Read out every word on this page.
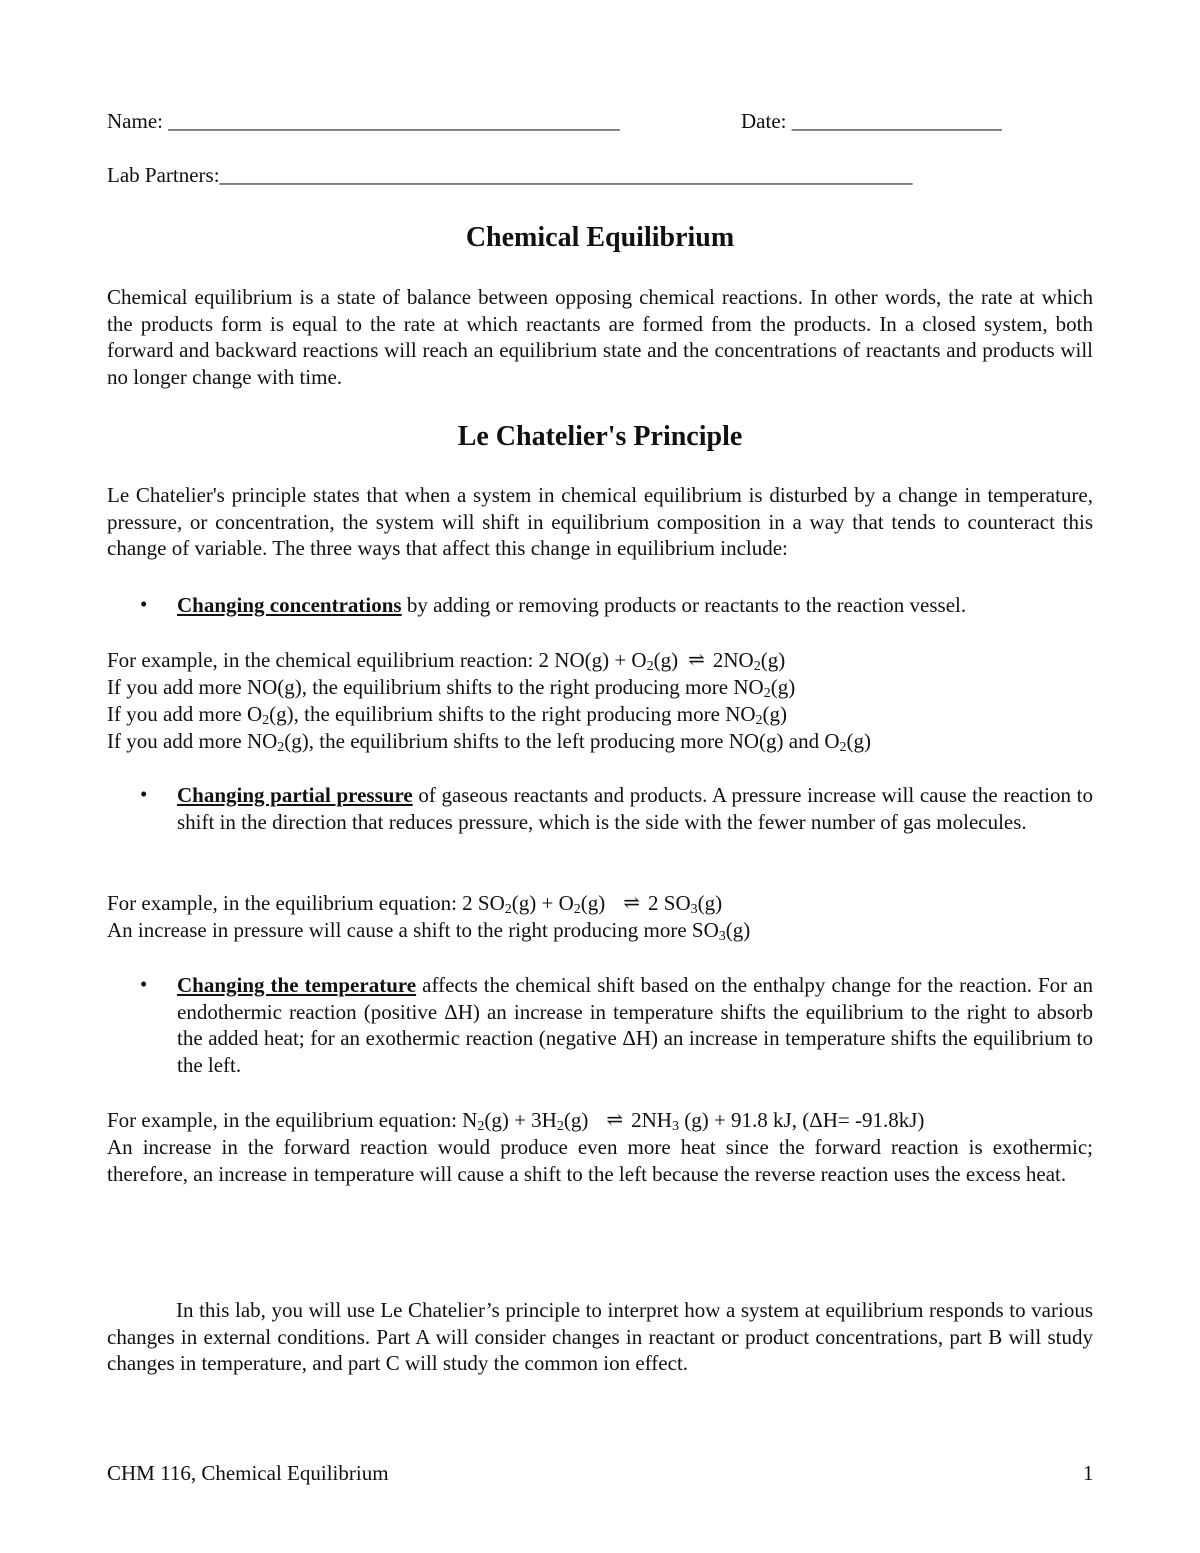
Name: ___________________________________________	Date: ____________________
Lab Partners:__________________________________________________________________
Chemical Equilibrium
Chemical equilibrium is a state of balance between opposing chemical reactions. In other words, the rate at which the products form is equal to the rate at which reactants are formed from the products. In a closed system, both forward and backward reactions will reach an equilibrium state and the concentrations of reactants and products will no longer change with time.
Le Chatelier's Principle
Le Chatelier's principle states that when a system in chemical equilibrium is disturbed by a change in temperature, pressure, or concentration, the system will shift in equilibrium composition in a way that tends to counteract this change of variable. The three ways that affect this change in equilibrium include:
• Changing concentrations by adding or removing products or reactants to the reaction vessel.
For example, in the chemical equilibrium reaction: 2 $NO(g) + O_2(g)$ ⇌ $2NO_2(g)$
If you add more NO(g), the equilibrium shifts to the right producing more $NO_2(g)$
If you add more $O_2(g)$, the equilibrium shifts to the right producing more $NO_2(g)$
If you add more $NO_2(g)$, the equilibrium shifts to the left producing more NO(g) and $O_2(g)$
• Changing partial pressure of gaseous reactants and products. A pressure increase will cause the reaction to shift in the direction that reduces pressure, which is the side with the fewer number of gas molecules.
For example, in the equilibrium equation: 2 $SO_2(g) + O_2(g)$ ⇌ 2 $SO_3(g)$
An increase in pressure will cause a shift to the right producing more $SO_3(g)$
• Changing the temperature affects the chemical shift based on the enthalpy change for the reaction. For an endothermic reaction (positive ΔH) an increase in temperature shifts the equilibrium to the right to absorb the added heat; for an exothermic reaction (negative ΔH) an increase in temperature shifts the equilibrium to the left.
For example, in the equilibrium equation: $N_2(g) + 3H_2(g)$ ⇌ $2NH_3$ (g) + 91.8 kJ, (ΔH= -91.8kJ)
An increase in the forward reaction would produce even more heat since the forward reaction is exothermic; therefore, an increase in temperature will cause a shift to the left because the reverse reaction uses the excess heat.
In this lab, you will use Le Chatelier’s principle to interpret how a system at equilibrium responds to various changes in external conditions. Part A will consider changes in reactant or product concentrations, part B will study changes in temperature, and part C will study the common ion effect.
CHM 116, Chemical Equilibrium	1
